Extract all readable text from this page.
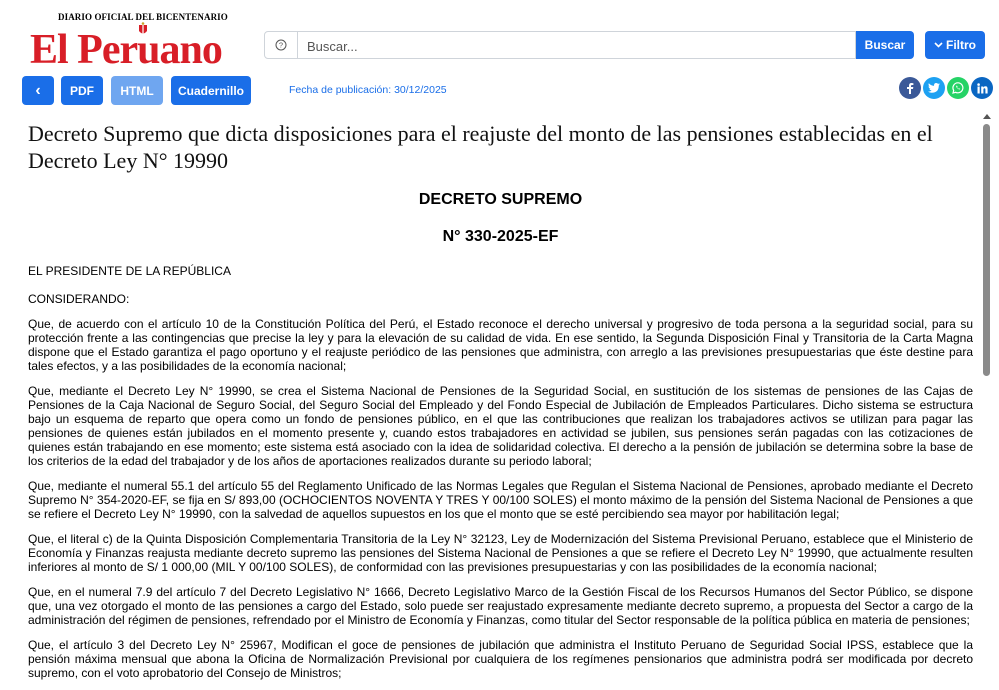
DIARIO OFICIAL DEL BICENTENARIO
El Peruano	?
Buscar...	Buscar	Filtro
‹	PDF	HTML	Cuadernillo	Fecha de publicación: 30/12/2025
Decreto Supremo que dicta disposiciones para el reajuste del monto de las pensiones establecidas en el Decreto Ley N° 19990
DECRETO SUPREMO
N° 330-2025-EF
EL PRESIDENTE DE LA REPÚBLICA
CONSIDERANDO:
Que, de acuerdo con el artículo 10 de la Constitución Política del Perú, el Estado reconoce el derecho universal y progresivo de toda persona a la seguridad social, para su protección frente a las contingencias que precise la ley y para la elevación de su calidad de vida. En ese sentido, la Segunda Disposición Final y Transitoria de la Carta Magna dispone que el Estado garantiza el pago oportuno y el reajuste periódico de las pensiones que administra, con arreglo a las previsiones presupuestarias que éste destine para tales efectos, y a las posibilidades de la economía nacional;
Que, mediante el Decreto Ley N° 19990, se crea el Sistema Nacional de Pensiones de la Seguridad Social, en sustitución de los sistemas de pensiones de las Cajas de Pensiones de la Caja Nacional de Seguro Social, del Seguro Social del Empleado y del Fondo Especial de Jubilación de Empleados Particulares. Dicho sistema se estructura bajo un esquema de reparto que opera como un fondo de pensiones público, en el que las contribuciones que realizan los trabajadores activos se utilizan para pagar las pensiones de quienes están jubilados en el momento presente y, cuando estos trabajadores en actividad se jubilen, sus pensiones serán pagadas con las cotizaciones de quienes están trabajando en ese momento; este sistema está asociado con la idea de solidaridad colectiva. El derecho a la pensión de jubilación se determina sobre la base de los criterios de la edad del trabajador y de los años de aportaciones realizados durante su periodo laboral;
Que, mediante el numeral 55.1 del artículo 55 del Reglamento Unificado de las Normas Legales que Regulan el Sistema Nacional de Pensiones, aprobado mediante el Decreto Supremo N° 354-2020-EF, se fija en S/ 893,00 (OCHOCIENTOS NOVENTA Y TRES Y 00/100 SOLES) el monto máximo de la pensión del Sistema Nacional de Pensiones a que se refiere el Decreto Ley N° 19990, con la salvedad de aquellos supuestos en los que el monto que se esté percibiendo sea mayor por habilitación legal;
Que, el literal c) de la Quinta Disposición Complementaria Transitoria de la Ley N° 32123, Ley de Modernización del Sistema Previsional Peruano, establece que el Ministerio de Economía y Finanzas reajusta mediante decreto supremo las pensiones del Sistema Nacional de Pensiones a que se refiere el Decreto Ley N° 19990, que actualmente resulten inferiores al monto de S/ 1 000,00 (MIL Y 00/100 SOLES), de conformidad con las previsiones presupuestarias y con las posibilidades de la economía nacional;
Que, en el numeral 7.9 del artículo 7 del Decreto Legislativo N° 1666, Decreto Legislativo Marco de la Gestión Fiscal de los Recursos Humanos del Sector Público, se dispone que, una vez otorgado el monto de las pensiones a cargo del Estado, solo puede ser reajustado expresamente mediante decreto supremo, a propuesta del Sector a cargo de la administración del régimen de pensiones, refrendado por el Ministro de Economía y Finanzas, como titular del Sector responsable de la política pública en materia de pensiones;
Que, el artículo 3 del Decreto Ley N° 25967, Modifican el goce de pensiones de jubilación que administra el Instituto Peruano de Seguridad Social IPSS, establece que la pensión máxima mensual que abona la Oficina de Normalización Previsional por cualquiera de los regímenes pensionarios que administra podrá ser modificada por decreto supremo, con el voto aprobatorio del Consejo de Ministros;
